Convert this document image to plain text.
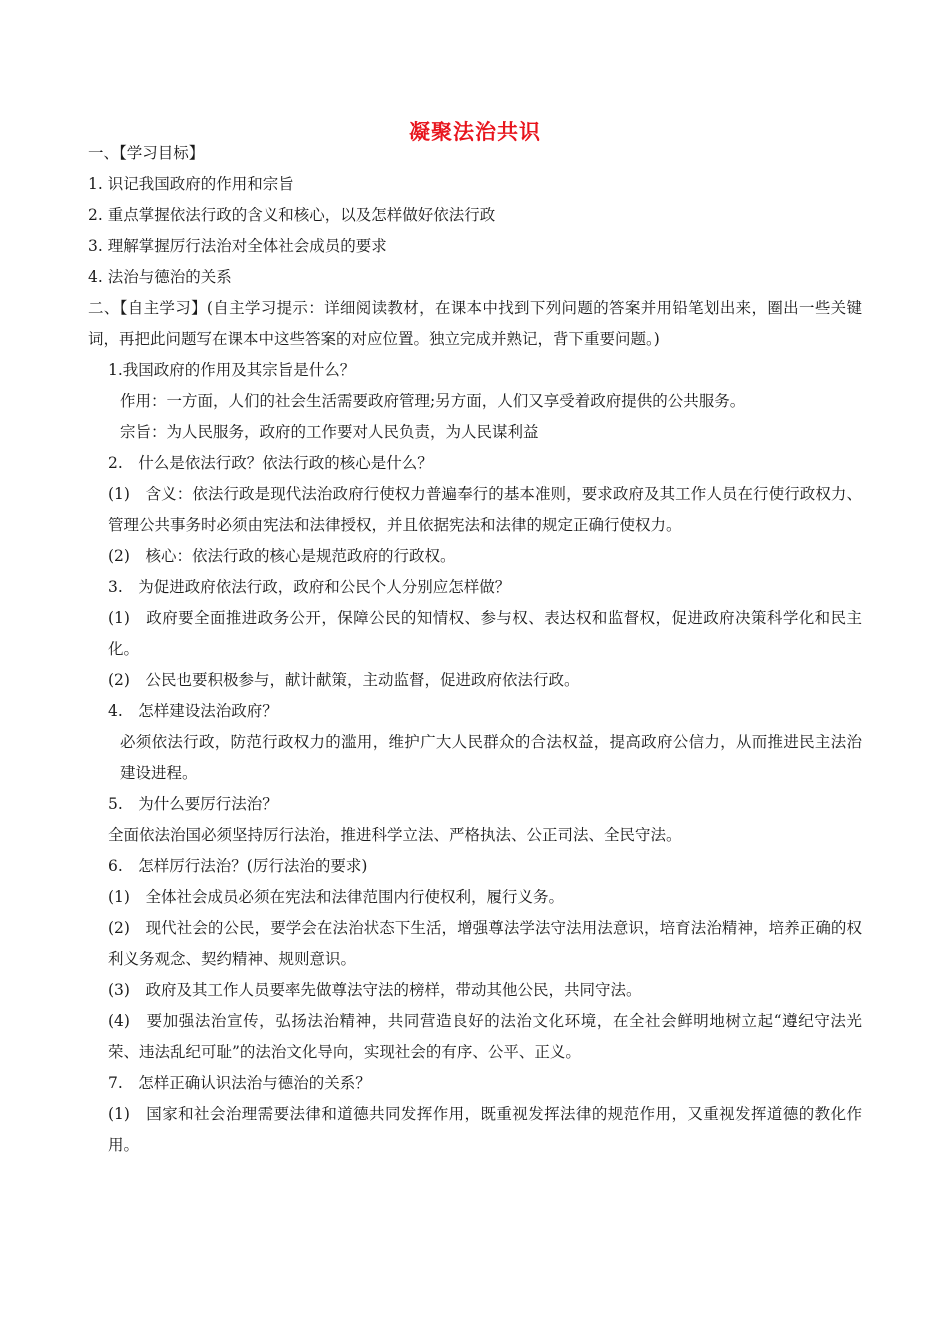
凝聚法治共识
一、【学习目标】
1. 识记我国政府的作用和宗旨
2. 重点掌握依法行政的含义和核心，以及怎样做好依法行政
3. 理解掌握厉行法治对全体社会成员的要求
4. 法治与德治的关系
二、【自主学习】(自主学习提示：详细阅读教材，在课本中找到下列问题的答案并用铅笔划出来，圈出一些关键词，再把此问题写在课本中这些答案的对应位置。独立完成并熟记，背下重要问题。)
1.我国政府的作用及其宗旨是什么？
作用：一方面，人们的社会生活需要政府管理;另方面，人们又享受着政府提供的公共服务。
宗旨：为人民服务，政府的工作要对人民负责，为人民谋利益
2.　什么是依法行政？依法行政的核心是什么？
(1)　含义：依法行政是现代法治政府行使权力普遍奉行的基本准则，要求政府及其工作人员在行使行政权力、管理公共事务时必须由宪法和法律授权，并且依据宪法和法律的规定正确行使权力。
(2)　核心：依法行政的核心是规范政府的行政权。
3.　为促进政府依法行政，政府和公民个人分别应怎样做？
(1)　政府要全面推进政务公开，保障公民的知情权、参与权、表达权和监督权，促进政府决策科学化和民主化。
(2)　公民也要积极参与，献计献策，主动监督，促进政府依法行政。
4.　怎样建设法治政府？
必须依法行政，防范行政权力的滥用，维护广大人民群众的合法权益，提高政府公信力，从而推进民主法治建设进程。
5.　为什么要厉行法治？
全面依法治国必须坚持厉行法治，推进科学立法、严格执法、公正司法、全民守法。
6.　怎样厉行法治？(厉行法治的要求)
(1)　全体社会成员必须在宪法和法律范围内行使权利，履行义务。
(2)　现代社会的公民，要学会在法治状态下生活，增强尊法学法守法用法意识，培育法治精神，培养正确的权利义务观念、契约精神、规则意识。
(3)　政府及其工作人员要率先做尊法守法的榜样，带动其他公民，共同守法。
(4)　要加强法治宣传，弘扬法治精神，共同营造良好的法治文化环境，在全社会鲜明地树立起“遵纪守法光荣、违法乱纪可耻”的法治文化导向，实现社会的有序、公平、正义。
7.　怎样正确认识法治与德治的关系？
(1)　国家和社会治理需要法律和道德共同发挥作用，既重视发挥法律的规范作用，又重视发挥道德的教化作用。
